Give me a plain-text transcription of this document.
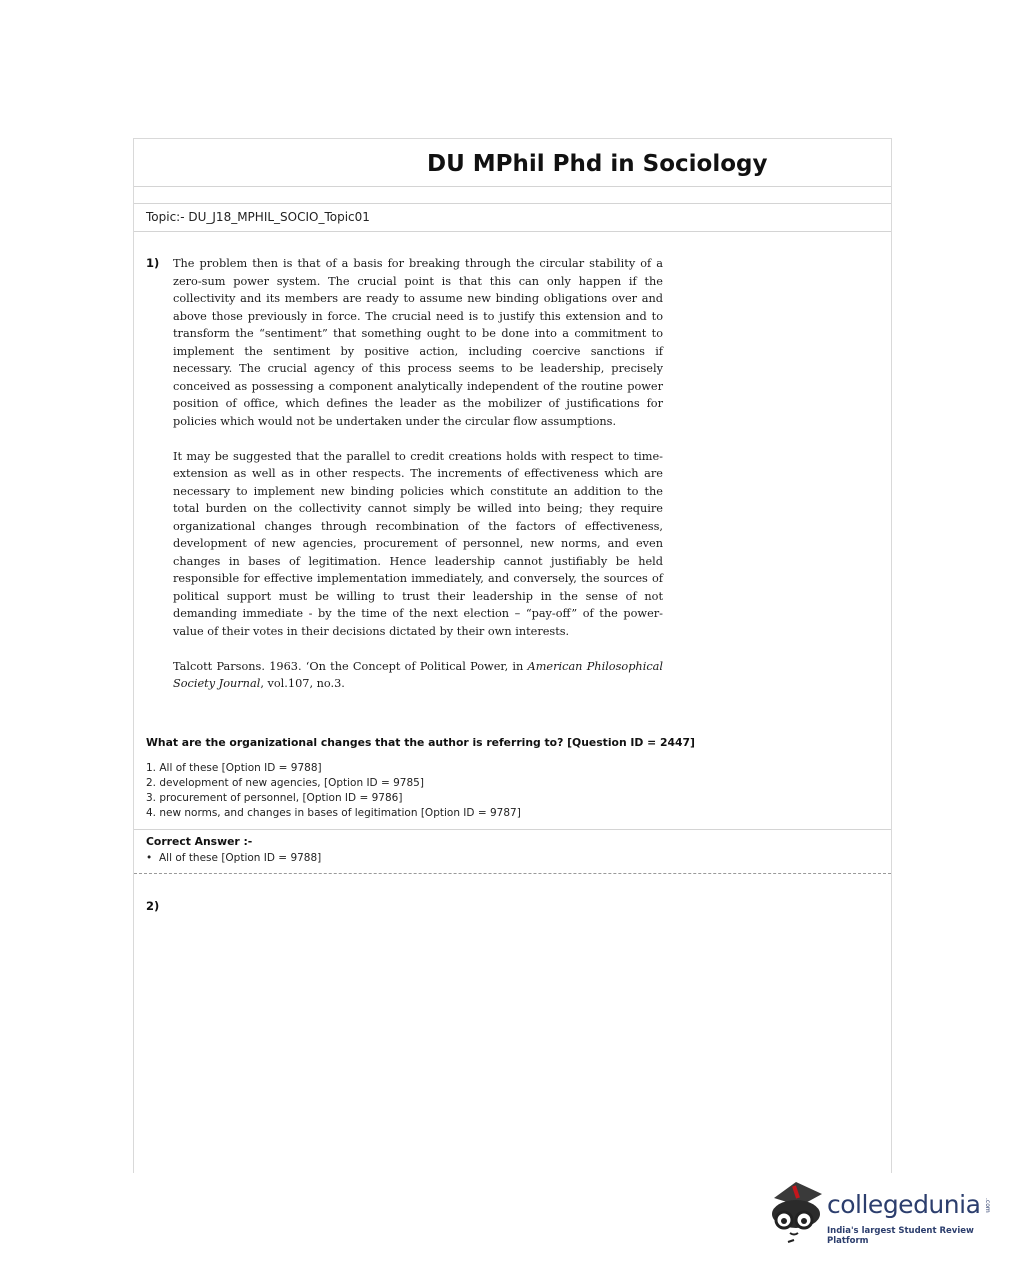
DU MPhil Phd in Sociology
Topic:- DU_J18_MPHIL_SOCIO_Topic01
1) The problem then is that of a basis for breaking through the circular stability of a zero-sum power system. The crucial point is that this can only happen if the collectivity and its members are ready to assume new binding obligations over and above those previously in force. The crucial need is to justify this extension and to transform the “sentiment” that something ought to be done into a commitment to implement the sentiment by positive action, including coercive sanctions if necessary. The crucial agency of this process seems to be leadership, precisely conceived as possessing a component analytically independent of the routine power position of office, which defines the leader as the mobilizer of justifications for policies which would not be undertaken under the circular flow assumptions.

It may be suggested that the parallel to credit creations holds with respect to time-extension as well as in other respects. The increments of effectiveness which are necessary to implement new binding policies which constitute an addition to the total burden on the collectivity cannot simply be willed into being; they require organizational changes through recombination of the factors of effectiveness, development of new agencies, procurement of personnel, new norms, and even changes in bases of legitimation. Hence leadership cannot justifiably be held responsible for effective implementation immediately, and conversely, the sources of political support must be willing to trust their leadership in the sense of not demanding immediate - by the time of the next election – “pay-off” of the power-value of their votes in their decisions dictated by their own interests.

Talcott Parsons. 1963. ‘On the Concept of Political Power, in American Philosophical Society Journal, vol.107, no.3.

What are the organizational changes that the author is referring to? [Question ID = 2447]
1. All of these [Option ID = 9788]
2. development of new agencies, [Option ID = 9785]
3. procurement of personnel, [Option ID = 9786]
4. new norms, and changes in bases of legitimation [Option ID = 9787]
Correct Answer :-
• All of these [Option ID = 9788]
2)
collegedunia .com
India's largest Student Review Platform
